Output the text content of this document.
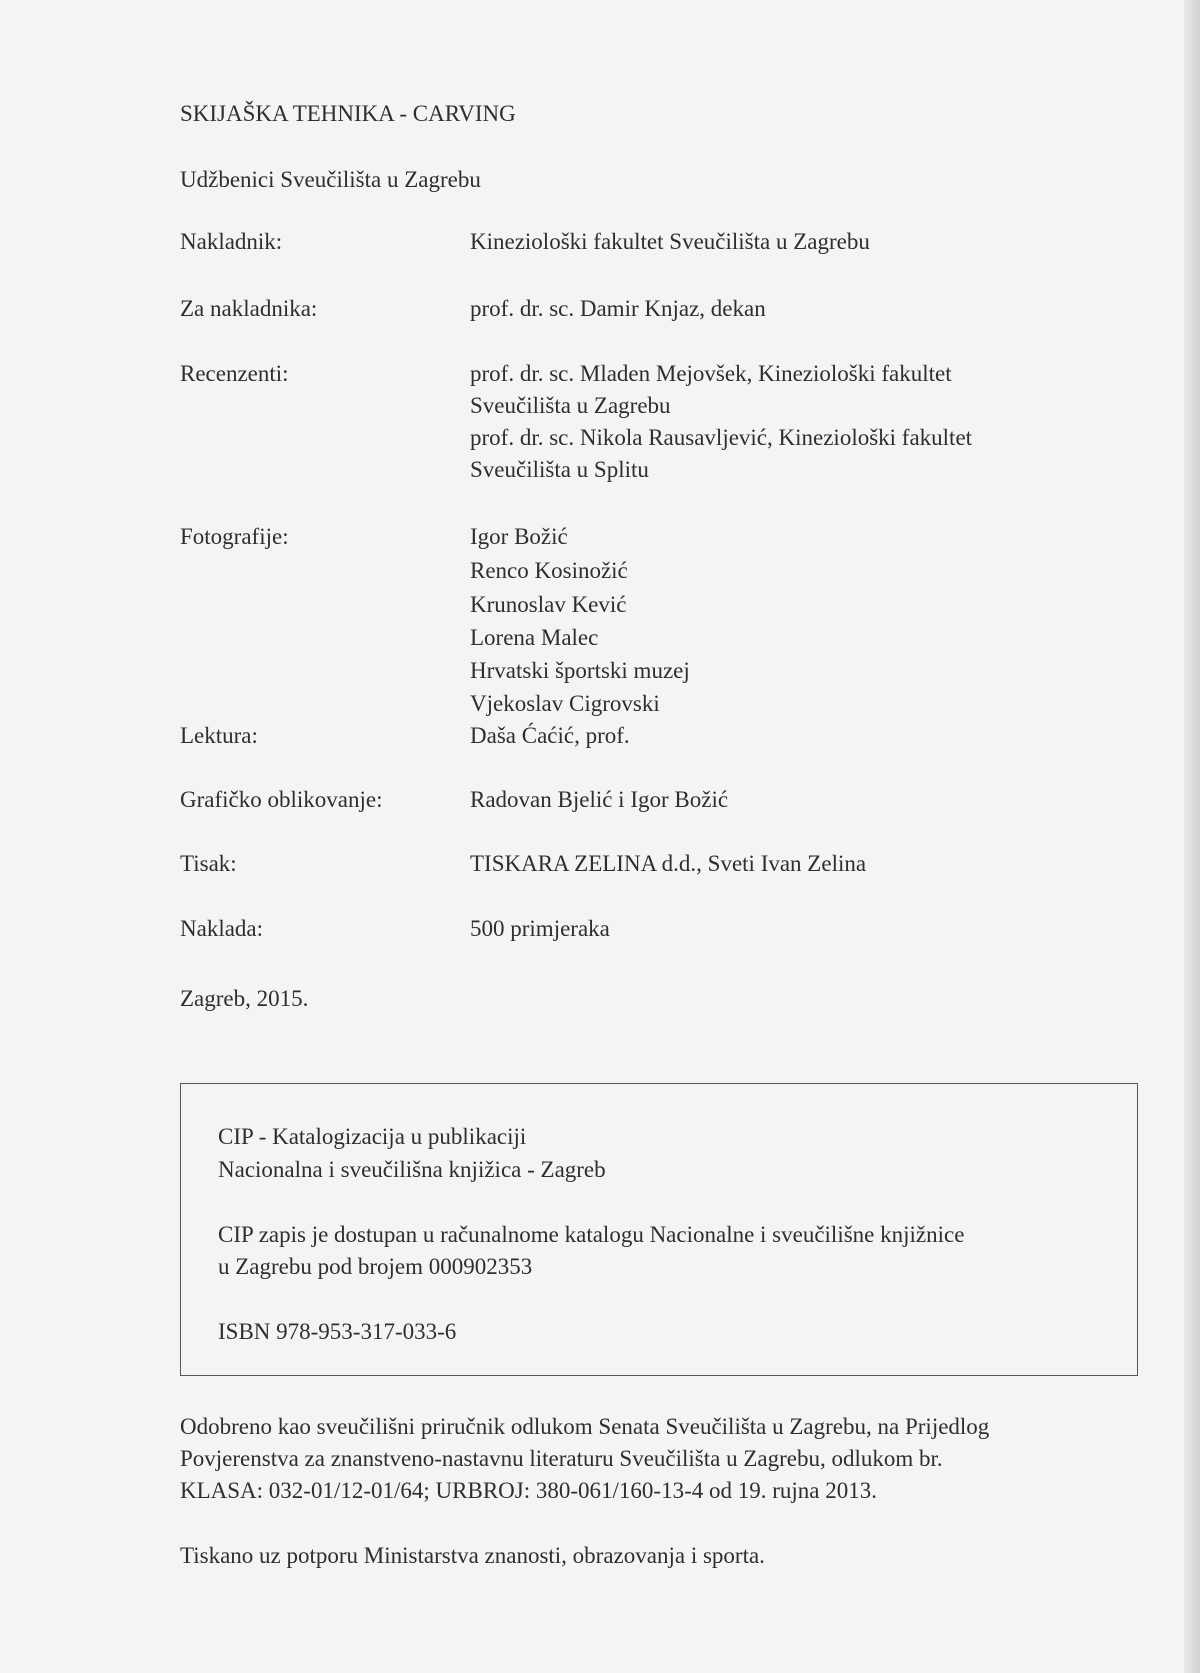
SKIJAŠKA TEHNIKA - CARVING
Udžbenici Sveučilišta u Zagrebu
Nakladnik:	Kineziološki fakultet Sveučilišta u Zagrebu
Za nakladnika:	prof. dr. sc. Damir Knjaz, dekan
Recenzenti:	prof. dr. sc. Mladen Mejovšek, Kineziološki fakultet
Sveučilišta u Zagrebu
prof. dr. sc. Nikola Rausavljević, Kineziološki fakultet
Sveučilišta u Splitu
Fotografije:	Igor Božić
Renco Kosinožić
Krunoslav Kević
Lorena Malec
Hrvatski športski muzej
Vjekoslav Cigrovski
Lektura:	Daša Ćaćić, prof.
Grafičko oblikovanje:	Radovan Bjelić i Igor Božić
Tisak:	TISKARA ZELINA d.d., Sveti Ivan Zelina
Naklada:	500 primjeraka
Zagreb, 2015.
CIP - Katalogizacija u publikaciji
Nacionalna i sveučilišna knjižica - Zagreb
CIP zapis je dostupan u računalnome katalogu Nacionalne i sveučilišne knjižnice
u Zagrebu pod brojem 000902353
ISBN 978-953-317-033-6
Odobreno kao sveučilišni priručnik odlukom Senata Sveučilišta u Zagrebu, na Prijedlog
Povjerenstva za znanstveno-nastavnu literaturu Sveučilišta u Zagrebu, odlukom br.
KLASA: 032-01/12-01/64; URBROJ: 380-061/160-13-4 od 19. rujna 2013.
Tiskano uz potporu Ministarstva znanosti, obrazovanja i sporta.
